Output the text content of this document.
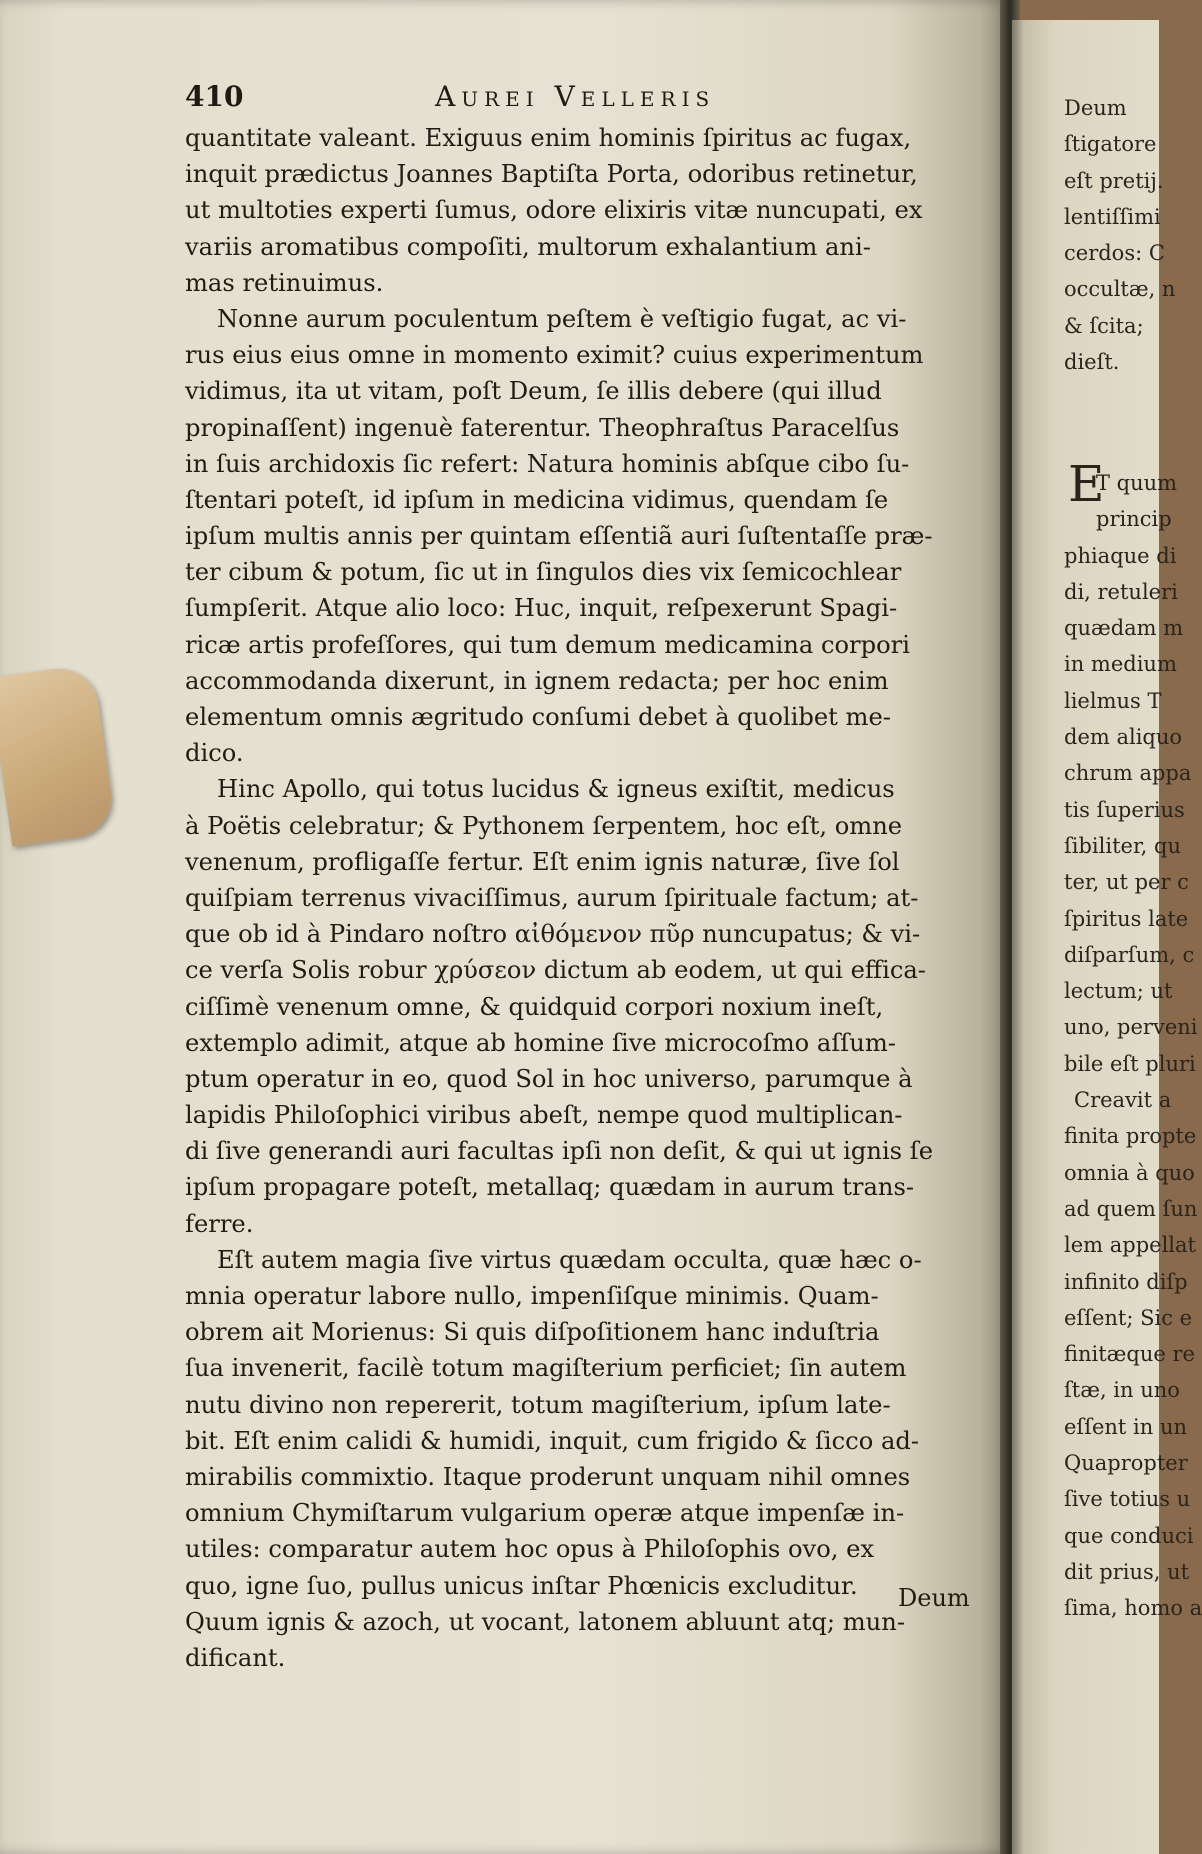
410	Aurei Velleris
quantitate valeant. Exiguus enim hominis ſpiritus ac fugax,
inquit prædictus Joannes Baptiſta Porta, odoribus retinetur,
ut multoties experti ſumus, odore elixiris vitæ nuncupati, ex
variis aromatibus compoſiti, multorum exhalantium ani-
mas retinuimus.
Nonne aurum poculentum peſtem è veſtigio fugat, ac vi-
rus eius eius omne in momento eximit? cuius experimentum
vidimus, ita ut vitam, poſt Deum, ſe illis debere (qui illud
propinaſſent) ingenuè faterentur. Theophraſtus Paracelſus
in ſuis archidoxis ſic refert: Natura hominis abſque cibo ſu-
ſtentari poteſt, id ipſum in medicina vidimus, quendam ſe
ipſum multis annis per quintam eſſentiã auri ſuſtentaſſe præ-
ter cibum & potum, ſic ut in ſingulos dies vix ſemicochlear
ſumpſerit. Atque alio loco: Huc, inquit, reſpexerunt Spagi-
ricæ artis profeſſores, qui tum demum medicamina corpori
accommodanda dixerunt, in ignem redacta; per hoc enim
elementum omnis ægritudo conſumi debet à quolibet me-
dico.
Hinc Apollo, qui totus lucidus & igneus exiſtit, medicus
à Poëtis celebratur; & Pythonem ſerpentem, hoc eſt, omne
venenum, profligaſſe fertur. Eſt enim ignis naturæ, ſive ſol
quiſpiam terrenus vivaciſſimus, aurum ſpirituale factum; at-
que ob id à Pindaro noſtro αἰθόμενον πῦρ nuncupatus; & vi-
ce verſa Solis robur χρύσεον dictum ab eodem, ut qui effica-
ciſſimè venenum omne, & quidquid corpori noxium ineſt,
extemplo adimit, atque ab homine ſive microcoſmo aſſum-
ptum operatur in eo, quod Sol in hoc universo, parumque à
lapidis Philoſophici viribus abeſt, nempe quod multiplican-
di ſive generandi auri facultas ipſi non deſit, & qui ut ignis ſe
ipſum propagare poteſt, metallaq; quædam in aurum trans-
ferre.
Eſt autem magia ſive virtus quædam occulta, quæ hæc o-
mnia operatur labore nullo, impenſiſque minimis. Quam-
obrem ait Morienus: Si quis diſpoſitionem hanc induſtria
ſua invenerit, facilè totum magiſterium perficiet; ſin autem
nutu divino non repererit, totum magiſterium, ipſum late-
bit. Eſt enim calidi & humidi, inquit, cum frigido & ſicco ad-
mirabilis commixtio. Itaque proderunt unquam nihil omnes
omnium Chymiſtarum vulgarium operæ atque impenſæ in-
utiles: comparatur autem hoc opus à Philoſophis ovo, ex
quo, igne ſuo, pullus unicus inſtar Phœnicis excluditur.
Quum ignis & azoch, ut vocant, latonem abluunt atq; mun-
dificant.
Deum
Deum
ſtigatore
eſt pretij.
lentiſſimi
cerdos: C
occultæ, n
& ſcita;
dieſt.
E
T quum
princip
phiaque di
di, retuleri
quædam m
in medium
lielmus T
dem aliquo
chrum appa
tis ſuperius
ſibiliter, qu
ter, ut per c
ſpiritus late
diſparſum, c
lectum; ut
uno, perveni
bile eſt pluri
Creavit a
finita propte
omnia à quo
ad quem ſun
lem appellat
infinito diſp
eſſent; Sic e
finitæque re
ſtæ, in uno
eſſent in un
Quapropter
ſive totius u
que conduci
dit prius, ut
ſima, homo a
